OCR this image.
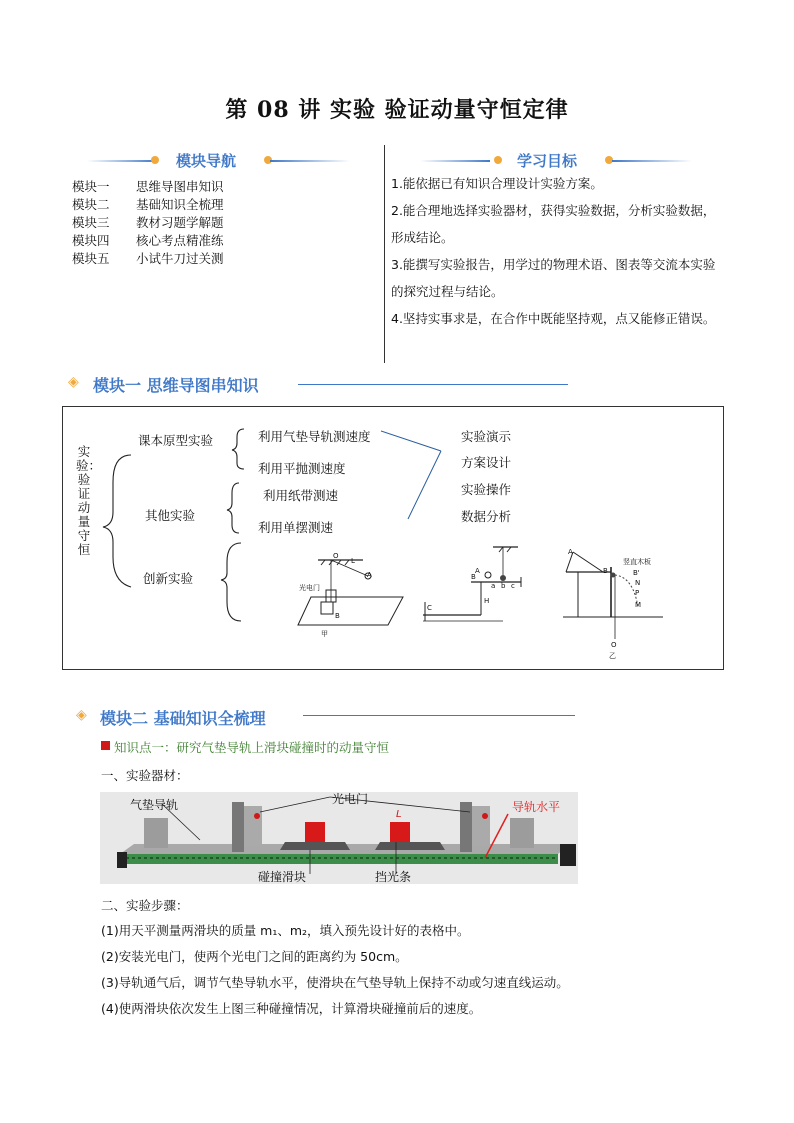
第 08 讲 实验 验证动量守恒定律
模块导航
模块一 思维导图串知识
模块二 基础知识全梳理
模块三 教材习题学解题
模块四 核心考点精准练
模块五 小试牛刀过关测
学习目标
1.能依据已有知识合理设计实验方案。
2.能合理地选择实验器材，获得实验数据，分析实验数据，形成结论。
3.能撰写实验报告，用学过的物理术语、图表等交流本实验的探究过程与结论。
4.坚持实事求是，在合作中既能坚持观，点又能修正错误。
◈ 模块一 思维导图串知识
实验：验证动量守恒
课本原型实验	利用气垫导轨测速度
利用平抛测速度
其他实验
利用纸带测速
利用单摆测速
创新实验
实验演示
方案设计
实验操作
数据分析
O
L
A
光电门
B
甲
A
B
a b c
C
H
A
B
竖直木板
B'
N
P
M
O
乙
◈ 模块二 基础知识全梳理
知识点一：研究气垫导轨上滑块碰撞时的动量守恒
一、实验器材：
气垫导轨	光电门
导轨水平
L
碰撞滑块	挡光条
二、实验步骤：
(1)用天平测量两滑块的质量 m₁、m₂，填入预先设计好的表格中。
(2)安装光电门，使两个光电门之间的距离约为 50cm。
(3)导轨通气后，调节气垫导轨水平，使滑块在气垫导轨上保持不动或匀速直线运动。
(4)使两滑块依次发生上图三种碰撞情况，计算滑块碰撞前后的速度。
